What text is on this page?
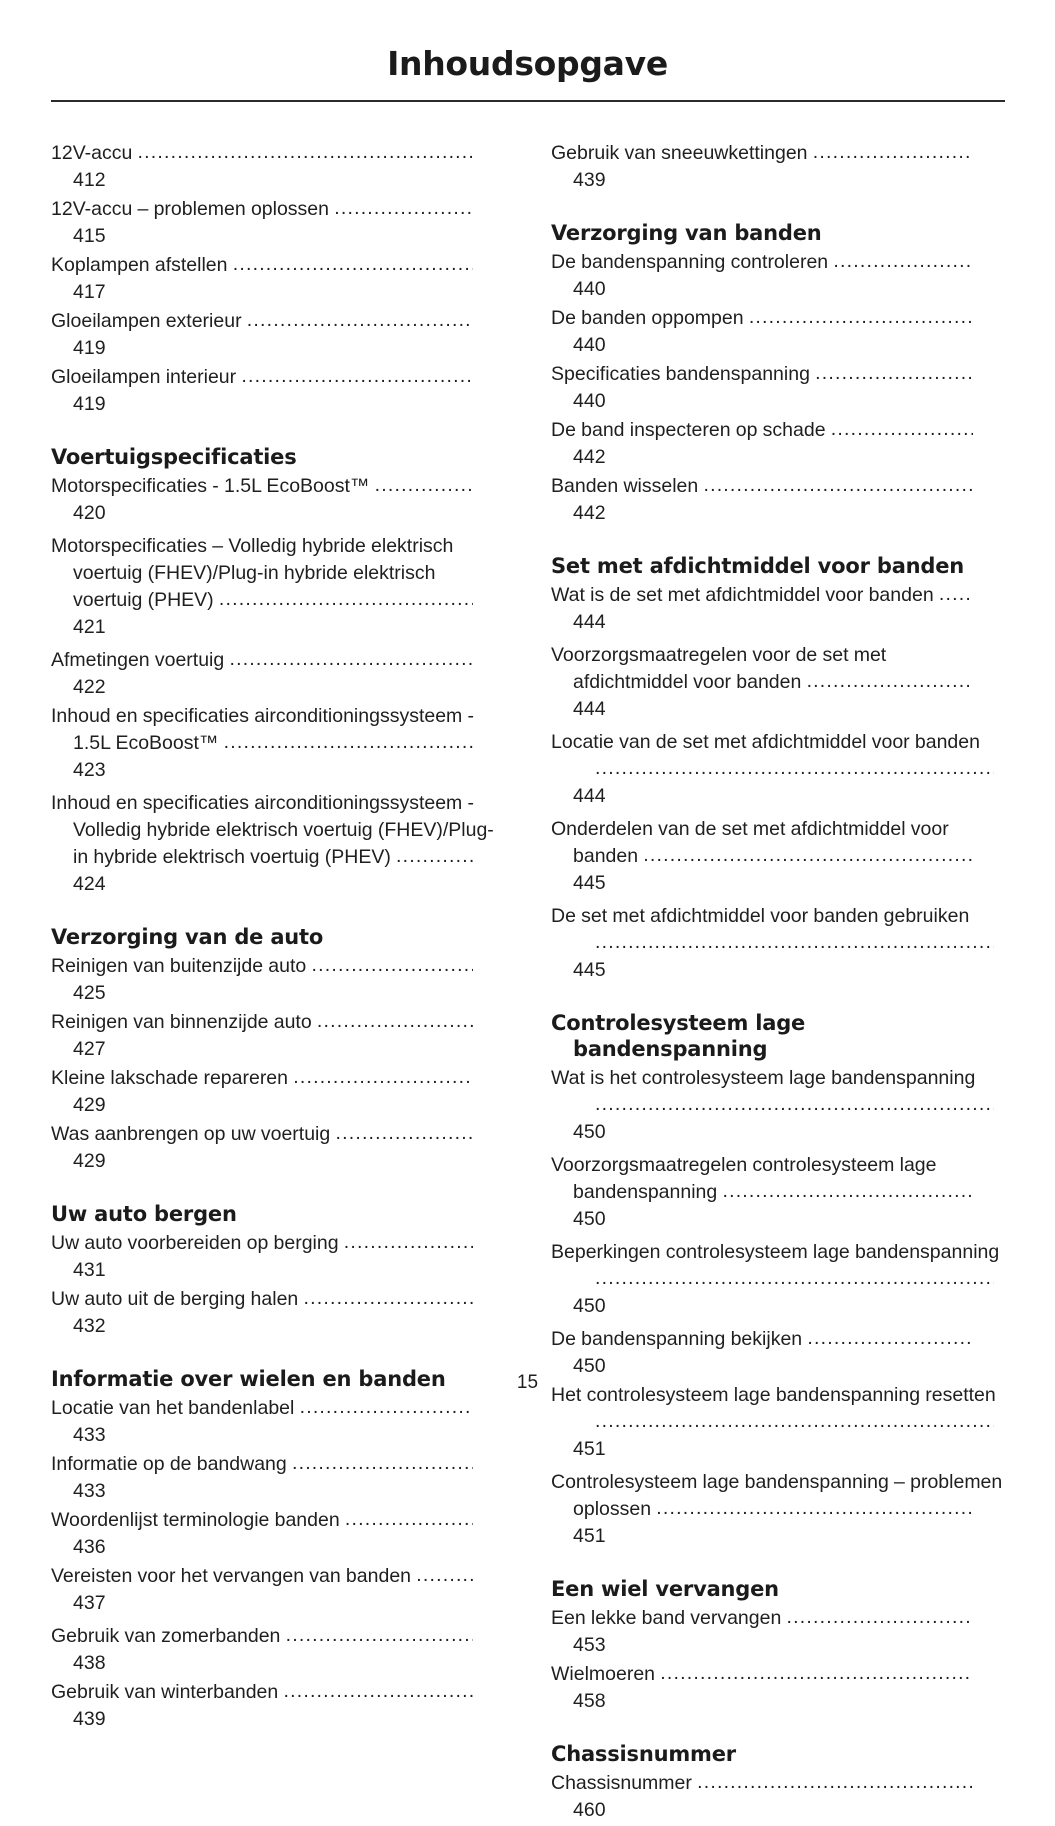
Inhoudsopgave
12V-accu .....412
12V-accu – problemen oplossen .....415
Koplampen afstellen .....417
Gloeilampen exterieur .....419
Gloeilampen interieur .....419
Voertuigspecificaties
Motorspecificaties - 1.5L EcoBoost™ .....420
Motorspecificaties – Volledig hybride elektrisch voertuig (FHEV)/Plug-in hybride elektrisch voertuig (PHEV) .....421
Afmetingen voertuig .....422
Inhoud en specificaties airconditioningssysteem - 1.5L EcoBoost™ .....423
Inhoud en specificaties airconditioningssysteem - Volledig hybride elektrisch voertuig (FHEV)/Plug-in hybride elektrisch voertuig (PHEV) .....424
Verzorging van de auto
Reinigen van buitenzijde auto .....425
Reinigen van binnenzijde auto .....427
Kleine lakschade repareren .....429
Was aanbrengen op uw voertuig .....429
Uw auto bergen
Uw auto voorbereiden op berging .....431
Uw auto uit de berging halen .....432
Informatie over wielen en banden
Locatie van het bandenlabel .....433
Informatie op de bandwang .....433
Woordenlijst terminologie banden .....436
Vereisten voor het vervangen van banden .....437
Gebruik van zomerbanden .....438
Gebruik van winterbanden .....439
Gebruik van sneeuwkettingen .....439
Verzorging van banden
De bandenspanning controleren .....440
De banden oppompen .....440
Specificaties bandenspanning .....440
De band inspecteren op schade .....442
Banden wisselen .....442
Set met afdichtmiddel voor banden
Wat is de set met afdichtmiddel voor banden .....444
Voorzorgsmaatregelen voor de set met afdichtmiddel voor banden .....444
Locatie van de set met afdichtmiddel voor banden
.....444
Onderdelen van de set met afdichtmiddel voor banden .....445
De set met afdichtmiddel voor banden gebruiken
.....445
Controlesysteem lage bandenspanning
Wat is het controlesysteem lage bandenspanning
.....450
Voorzorgsmaatregelen controlesysteem lage bandenspanning .....450
Beperkingen controlesysteem lage bandenspanning
.....450
De bandenspanning bekijken .....450
Het controlesysteem lage bandenspanning resetten
.....451
Controlesysteem lage bandenspanning – problemen oplossen .....451
Een wiel vervangen
Een lekke band vervangen .....453
Wielmoeren .....458
Chassisnummer
Chassisnummer .....460
15
